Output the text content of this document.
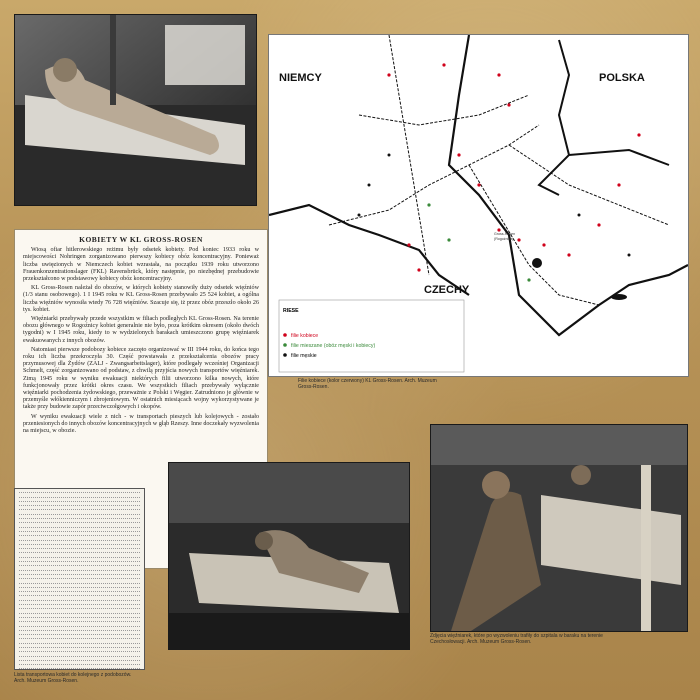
KOBIETY W KL GROSS-ROSEN

Wiosą ofiar hitlerowskiego reżimu były odsetek kobiety. Pod koniec 1933 roku w miejscowości Nohringen zorganizowano pierwszy kobiecy obóz koncentracyjny. Ponieważ liczba uwięzionych w Niemczech kobiet wzrastała, na początku 1939 roku utworzono Frauenkonzentrationslager (FKL) Ravensbrück, który następnie, po niezbędnej przebudowie przekształcono w podstawowy kobiecy obóz koncentracyjny.

KL Gross-Rosen należał do obozów, w których kobiety stanowiły duży odsetek więźniów (1/3 stanu osobowego). 1 I 1945 roku w KL Gross-Rosen przebywało 25 524 kobiet, a ogólna liczba więźniów wynosiła wtedy 76 728 więźniów. Szacuje się, iż przez obóz przeszło około 26 tys. kobiet.

Więźniarki przebywały przede wszystkim w filiach podległych KL Gross-Rosen. Na terenie obozu głównego w Rogoźnicy kobiet generalnie nie było, poza krótkim okresem (około dwóch tygodni) w I 1945 roku, kiedy to w wydzielonych barakach umieszczono grupę więźniarek ewakuowanych z innych obozów.

Natomiast pierwsze podobozy kobiece zaczęto organizować w III 1944 roku, do końca tego roku ich liczba przekroczyła 30. Część powstawała z przekształcenia obozów pracy przymusowej dla Żydów (ZALJ - Zwangsarbeitslager), które podlegały wcześniej Organizacji Schmelt, część zorganizowano od podstaw, z chwilą przyjścia nowych transportów więźniarek. Zimą 1945 roku w wyniku ewakuacji niektórych filii utworzono kilka nowych, które funkcjonowały przez krótki okres czasu. We wszystkich filiach przebywały wyłącznie więźniarki pochodzenia żydowskiego, przeważnie z Polski i Węgier. Zatrudniono je głównie w przemyśle włókienniczym i zbrojeniowym. W ostatnich miesiącach wojny wykorzystywane je także przy budowie zapór przeciwczołgowych i okopów.

W wyniku ewakuacji wiele z nich - w transportach pieszych lub kolejowych - zostało przeniesionych do innych obozów koncentracyjnych w głąb Rzeszy. Inne doczekały wyzwolenia na miejscu, w obozie.

Gross-Rosen
(Rogoźnica)
NIEMCY	POLSKA
CZECHY
RIESE
filie kobiece
filie mieszane (obóz męski i kobiecy)
filie męskie
Filie kobiece (kolor czerwony) KL Gross-Rosen. Arch. Muzeum Gross-Rosen.
Lista transportowa kobiet do kolejnego z podobozów. Arch. Muzeum Gross-Rosen.
Zdjęcia więźniarek, które po wyzwoleniu trafiły do szpitala w baraku na terenie Czechosłowacji. Arch. Muzeum Gross-Rosen.
